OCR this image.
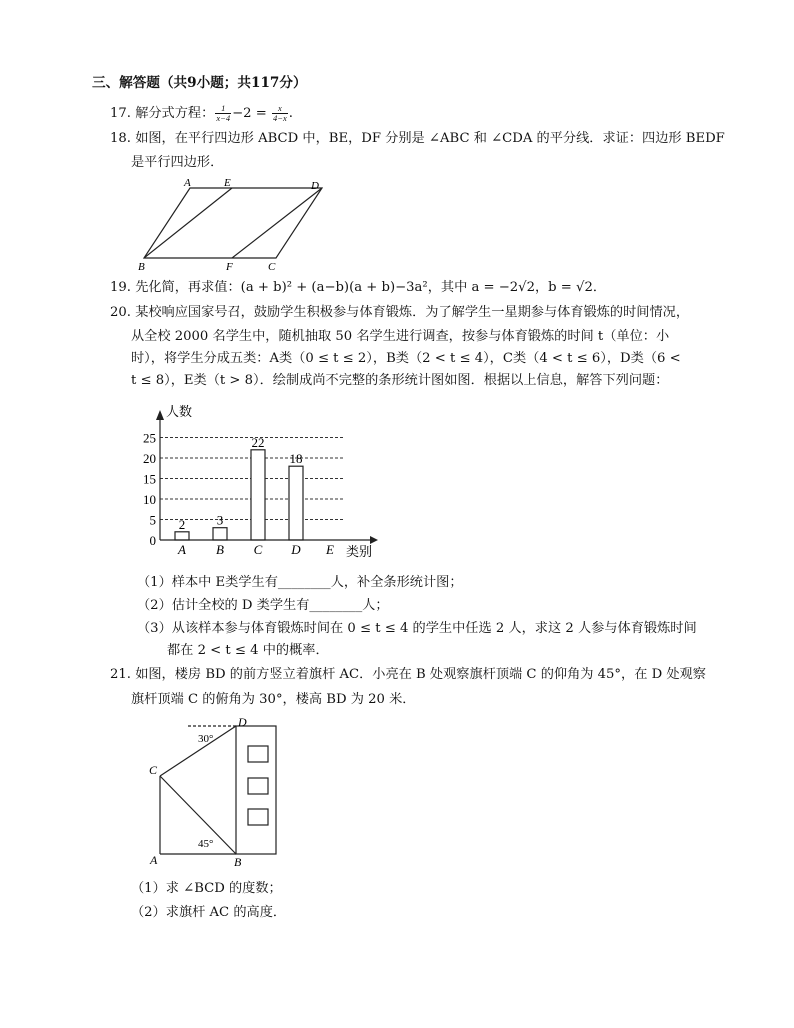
三、解答题（共9小题；共117分）
17. 解分式方程： $\frac{1}{x-4} -2 = \frac{x}{4-x}$ .
18. 如图，在平行四边形 ABCD 中，BE，DF 分别是 ∠ABC 和 ∠CDA 的平分线．求证：四边形 BEDF
是平行四边形．
A	E	D
B	F	C
19. 先化简，再求值：(a + b)² + (a−b)(a + b)−3a²，其中 a = −2√2，b = √2．
20. 某校响应国家号召，鼓励学生积极参与体育锻炼．为了解学生一星期参与体育锻炼的时间情况，
从全校 2000 名学生中，随机抽取 50 名学生进行调查，按参与体育锻炼的时间 t（单位：小
时），将学生分成五类：A类（0 ≤ t ≤ 2），B类（2 < t ≤ 4），C类（4 < t ≤ 6），D类（6 <
t ≤ 8），E类（t > 8）．绘制成尚不完整的条形统计图如图．根据以上信息，解答下列问题：
2 3
22
18
0
5
10
15
20
25
A B C D E
人数
类别
（1）样本中 E类学生有________人，补全条形统计图；
（2）估计全校的 D 类学生有________人；
（3）从该样本参与体育锻炼时间在 0 ≤ t ≤ 4 的学生中任选 2 人，求这 2 人参与体育锻炼时间
都在 2 < t ≤ 4 中的概率．
21. 如图，楼房 BD 的前方竖立着旗杆 AC．小亮在 B 处观察旗杆顶端 C 的仰角为 45°，在 D 处观察
旗杆顶端 C 的俯角为 30°，楼高 BD 为 20 米．
30°
45°
A	B
C
D
（1）求 ∠BCD 的度数；
（2）求旗杆 AC 的高度．
